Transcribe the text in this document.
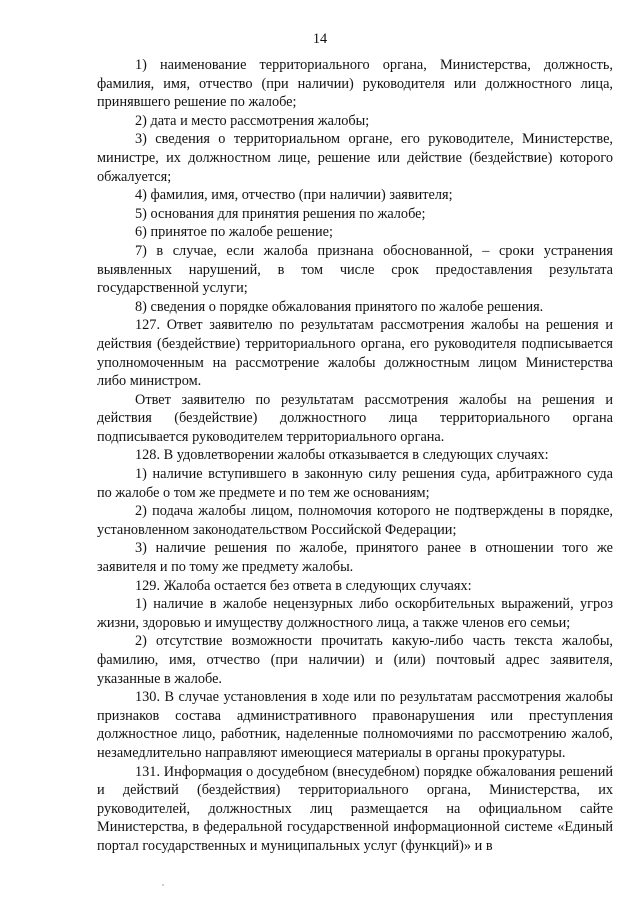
14

1) наименование территориального органа, Министерства, должность, фамилия, имя, отчество (при наличии) руководителя или должностного лица, принявшего решение по жалобе;

2) дата и место рассмотрения жалобы;

3) сведения о территориальном органе, его руководителе, Министерстве, министре, их должностном лице, решение или действие (бездействие) которого обжалуется;

4) фамилия, имя, отчество (при наличии) заявителя;

5) основания для принятия решения по жалобе;

6) принятое по жалобе решение;

7) в случае, если жалоба признана обоснованной, – сроки устранения выявленных нарушений, в том числе срок предоставления результата государственной услуги;

8) сведения о порядке обжалования принятого по жалобе решения.

127. Ответ заявителю по результатам рассмотрения жалобы на решения и действия (бездействие) территориального органа, его руководителя подписывается уполномоченным на рассмотрение жалобы должностным лицом Министерства либо министром.

Ответ заявителю по результатам рассмотрения жалобы на решения и действия (бездействие) должностного лица территориального органа подписывается руководителем территориального органа.

128. В удовлетворении жалобы отказывается в следующих случаях:

1) наличие вступившего в законную силу решения суда, арбитражного суда по жалобе о том же предмете и по тем же основаниям;

2) подача жалобы лицом, полномочия которого не подтверждены в порядке, установленном законодательством Российской Федерации;

3) наличие решения по жалобе, принятого ранее в отношении того же заявителя и по тому же предмету жалобы.

129. Жалоба остается без ответа в следующих случаях:

1) наличие в жалобе нецензурных либо оскорбительных выражений, угроз жизни, здоровью и имуществу должностного лица, а также членов его семьи;

2) отсутствие возможности прочитать какую-либо часть текста жалобы, фамилию, имя, отчество (при наличии) и (или) почтовый адрес заявителя, указанные в жалобе.

130. В случае установления в ходе или по результатам рассмотрения жалобы признаков состава административного правонарушения или преступления должностное лицо, работник, наделенные полномочиями по рассмотрению жалоб, незамедлительно направляют имеющиеся материалы в органы прокуратуры.

131. Информация о досудебном (внесудебном) порядке обжалования решений и действий (бездействия) территориального органа, Министерства, их руководителей, должностных лиц размещается на официальном сайте Министерства, в федеральной государственной информационной системе «Единый портал государственных и муниципальных услуг (функций)» и в
